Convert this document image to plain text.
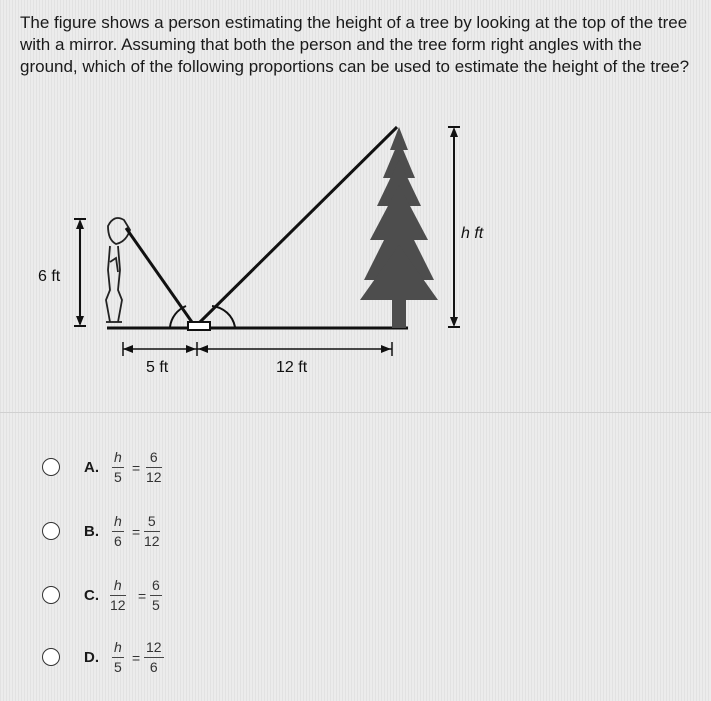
The figure shows a person estimating the height of a tree by looking at the top of the tree with a mirror. Assuming that both the person and the tree form right angles with the ground, which of the following proportions can be used to estimate the height of the tree?

6 ft
h ft
5 ft	12 ft
A.
h
5
=
6
12
B.
h
6
=
5
12
C.
h
12
=
6
5
D.
h
5
=
12
6
